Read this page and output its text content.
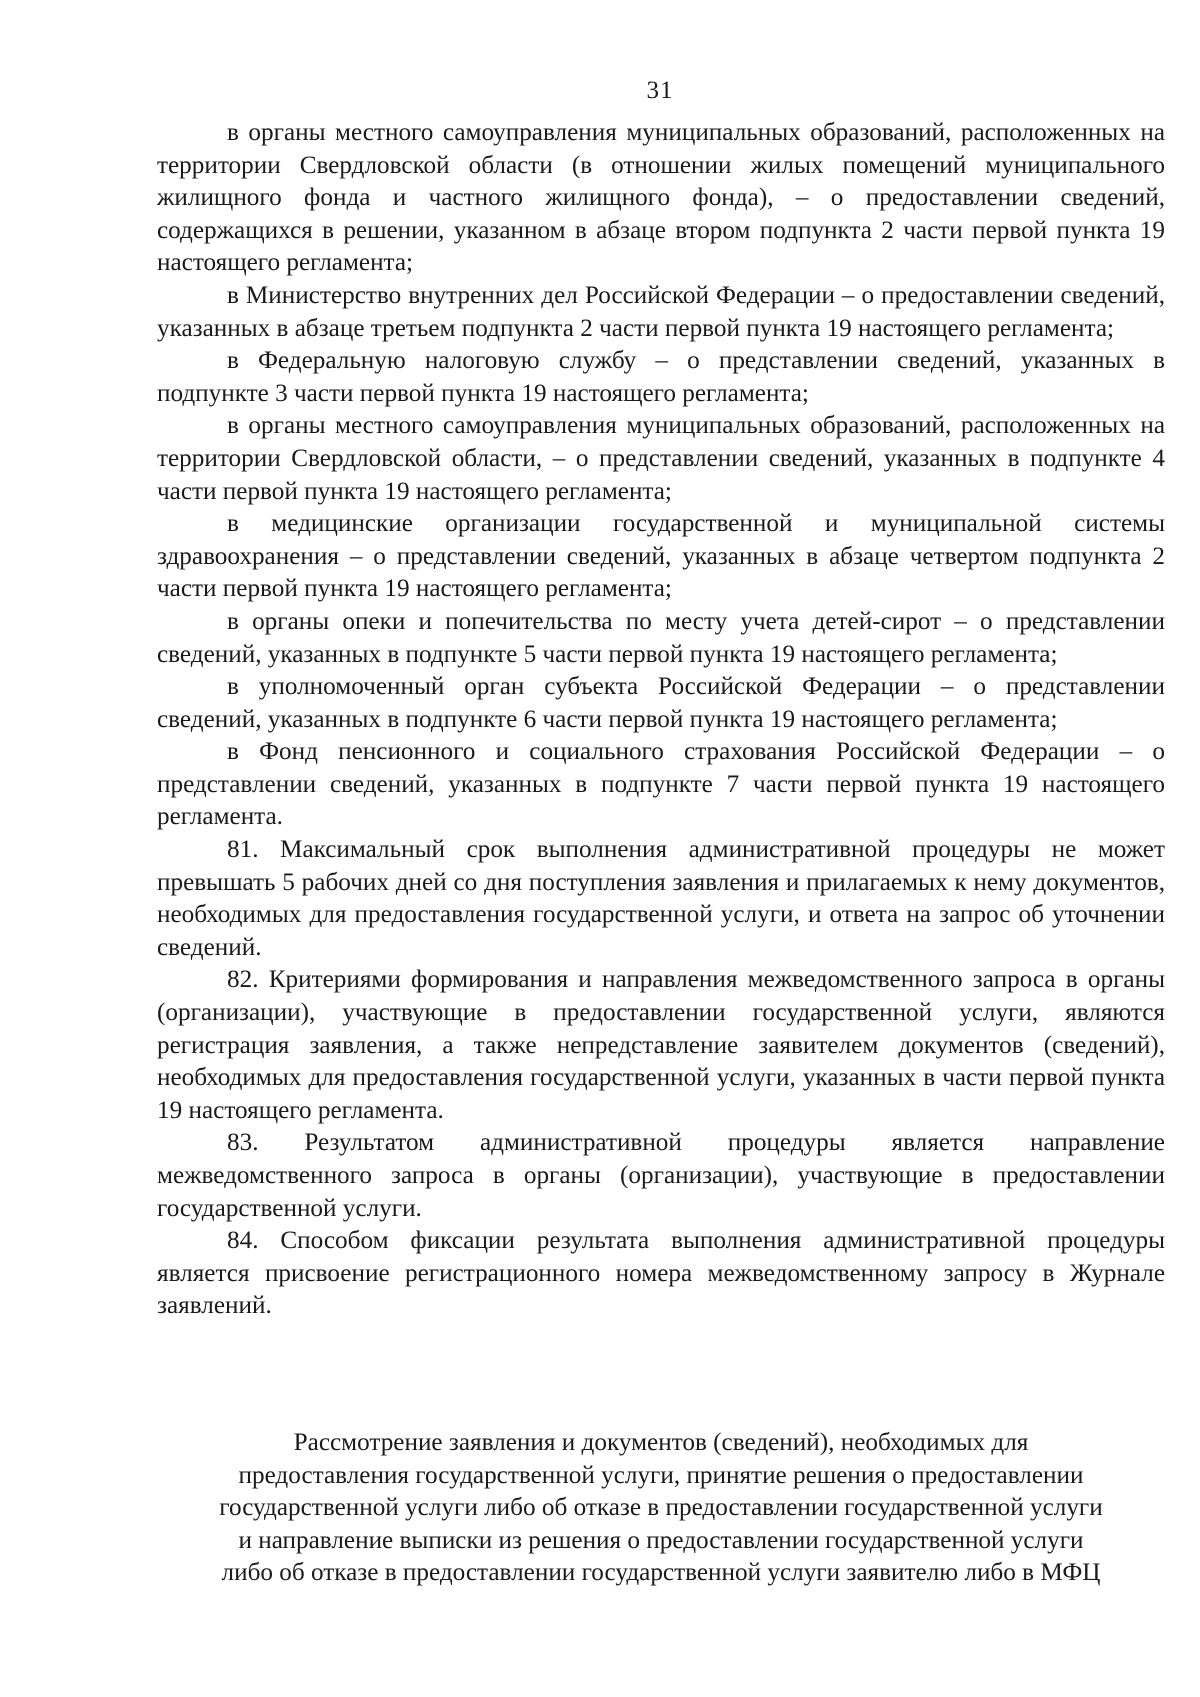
31

в органы местного самоуправления муниципальных образований, расположенных на территории Свердловской области (в отношении жилых помещений муниципального жилищного фонда и частного жилищного фонда), – о предоставлении сведений, содержащихся в решении, указанном в абзаце втором подпункта 2 части первой пункта 19 настоящего регламента;

в Министерство внутренних дел Российской Федерации – о предоставлении сведений, указанных в абзаце третьем подпункта 2 части первой пункта 19 настоящего регламента;

в Федеральную налоговую службу – о представлении сведений, указанных в подпункте 3 части первой пункта 19 настоящего регламента;

в органы местного самоуправления муниципальных образований, расположенных на территории Свердловской области, – о представлении сведений, указанных в подпункте 4 части первой пункта 19 настоящего регламента;

в медицинские организации государственной и муниципальной системы здравоохранения – о представлении сведений, указанных в абзаце четвертом подпункта 2 части первой пункта 19 настоящего регламента;

в органы опеки и попечительства по месту учета детей-сирот – о представлении сведений, указанных в подпункте 5 части первой пункта 19 настоящего регламента;

в уполномоченный орган субъекта Российской Федерации – о представлении сведений, указанных в подпункте 6 части первой пункта 19 настоящего регламента;

в Фонд пенсионного и социального страхования Российской Федерации – о представлении сведений, указанных в подпункте 7 части первой пункта 19 настоящего регламента.

81. Максимальный срок выполнения административной процедуры не может превышать 5 рабочих дней со дня поступления заявления и прилагаемых к нему документов, необходимых для предоставления государственной услуги, и ответа на запрос об уточнении сведений.

82. Критериями формирования и направления межведомственного запроса в органы (организации), участвующие в предоставлении государственной услуги, являются регистрация заявления, а также непредставление заявителем документов (сведений), необходимых для предоставления государственной услуги, указанных в части первой пункта 19 настоящего регламента.

83. Результатом административной процедуры является направление межведомственного запроса в органы (организации), участвующие в предоставлении государственной услуги.

84. Способом фиксации результата выполнения административной процедуры является присвоение регистрационного номера межведомственному запросу в Журнале заявлений.

Рассмотрение заявления и документов (сведений), необходимых для
предоставления государственной услуги, принятие решения о предоставлении
государственной услуги либо об отказе в предоставлении государственной услуги
и направление выписки из решения о предоставлении государственной услуги
либо об отказе в предоставлении государственной услуги заявителю либо в МФЦ
